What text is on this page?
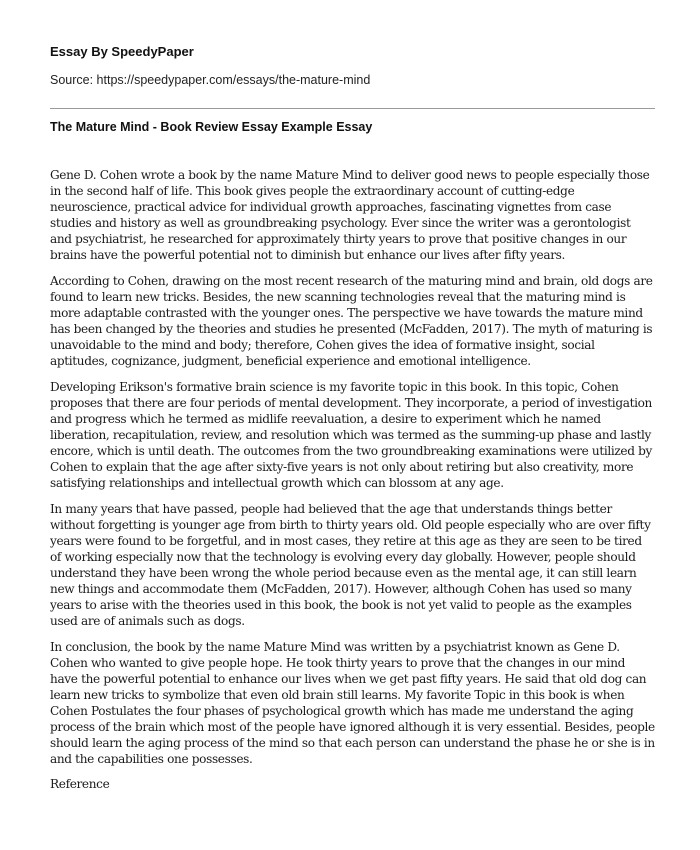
Essay By SpeedyPaper

Source: https://speedypaper.com/essays/the-mature-mind

The Mature Mind - Book Review Essay Example Essay

Gene D. Cohen wrote a book by the name Mature Mind to deliver good news to people especially those in the second half of life. This book gives people the extraordinary account of cutting-edge neuroscience, practical advice for individual growth approaches, fascinating vignettes from case studies and history as well as groundbreaking psychology. Ever since the writer was a gerontologist and psychiatrist, he researched for approximately thirty years to prove that positive changes in our brains have the powerful potential not to diminish but enhance our lives after fifty years.

According to Cohen, drawing on the most recent research of the maturing mind and brain, old dogs are found to learn new tricks. Besides, the new scanning technologies reveal that the maturing mind is more adaptable contrasted with the younger ones. The perspective we have towards the mature mind has been changed by the theories and studies he presented (McFadden, 2017). The myth of maturing is unavoidable to the mind and body; therefore, Cohen gives the idea of formative insight, social aptitudes, cognizance, judgment, beneficial experience and emotional intelligence.

Developing Erikson's formative brain science is my favorite topic in this book. In this topic, Cohen proposes that there are four periods of mental development. They incorporate, a period of investigation and progress which he termed as midlife reevaluation, a desire to experiment which he named liberation, recapitulation, review, and resolution which was termed as the summing-up phase and lastly encore, which is until death. The outcomes from the two groundbreaking examinations were utilized by Cohen to explain that the age after sixty-five years is not only about retiring but also creativity, more satisfying relationships and intellectual growth which can blossom at any age.

In many years that have passed, people had believed that the age that understands things better without forgetting is younger age from birth to thirty years old. Old people especially who are over fifty years were found to be forgetful, and in most cases, they retire at this age as they are seen to be tired of working especially now that the technology is evolving every day globally. However, people should understand they have been wrong the whole period because even as the mental age, it can still learn new things and accommodate them (McFadden, 2017). However, although Cohen has used so many years to arise with the theories used in this book, the book is not yet valid to people as the examples used are of animals such as dogs.

In conclusion, the book by the name Mature Mind was written by a psychiatrist known as Gene D. Cohen who wanted to give people hope. He took thirty years to prove that the changes in our mind have the powerful potential to enhance our lives when we get past fifty years. He said that old dog can learn new tricks to symbolize that even old brain still learns. My favorite Topic in this book is when Cohen Postulates the four phases of psychological growth which has made me understand the aging process of the brain which most of the people have ignored although it is very essential. Besides, people should learn the aging process of the mind so that each person can understand the phase he or she is in and the capabilities one possesses.

Reference
